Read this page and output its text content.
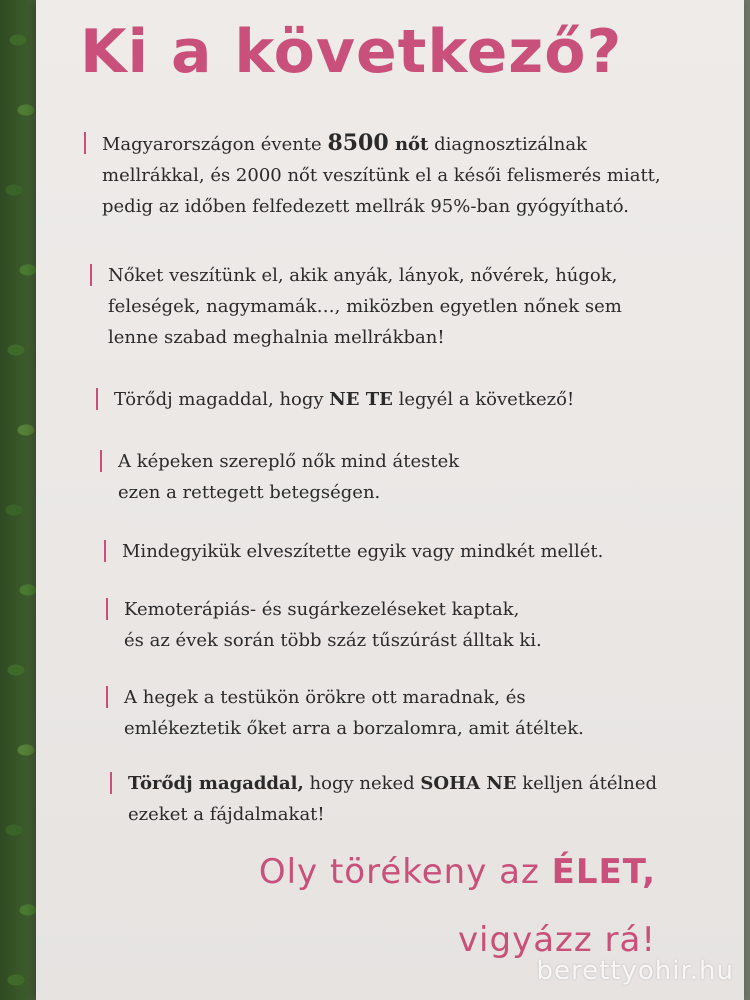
Ki a következő?

Magyarországon évente 8500 nőt diagnosztizálnak
mellrákkal, és 2000 nőt veszítünk el a késői felismerés miatt,
pedig az időben felfedezett mellrák 95%-ban gyógyítható.

Nőket veszítünk el, akik anyák, lányok, nővérek, húgok,
feleségek, nagymamák…, miközben egyetlen nőnek sem
lenne szabad meghalnia mellrákban!

Törődj magaddal, hogy NE TE legyél a következő!

A képeken szereplő nők mind átestek
ezen a rettegett betegségen.

Mindegyikük elveszítette egyik vagy mindkét mellét.

Kemoterápiás- és sugárkezeléseket kaptak,
és az évek során több száz tűszúrást álltak ki.

A hegek a testükön örökre ott maradnak, és
emlékeztetik őket arra a borzalomra, amit átéltek.

Törődj magaddal, hogy neked SOHA NE kelljen átélned
ezeket a fájdalmakat!

Oly törékeny az ÉLET,

vigyázz rá!

berettyohir.hu
